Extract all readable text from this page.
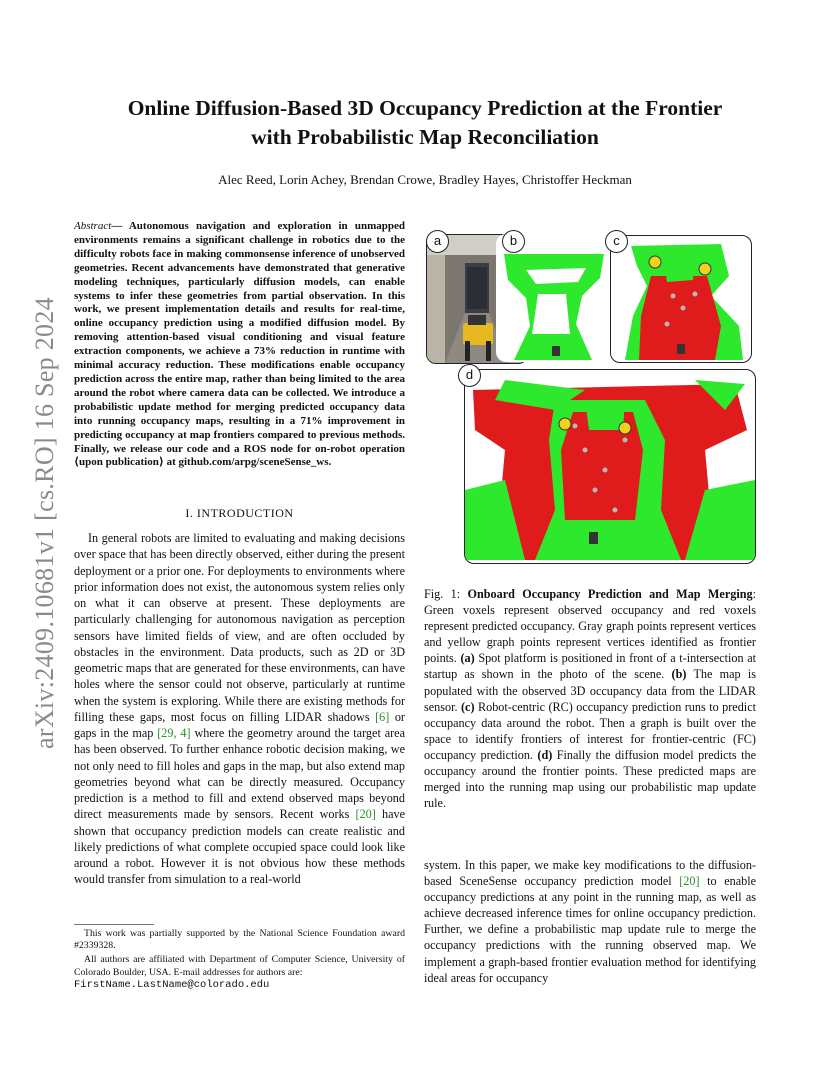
arXiv:2409.10681v1 [cs.RO] 16 Sep 2024
Online Diffusion-Based 3D Occupancy Prediction at the Frontier
with Probabilistic Map Reconciliation
Alec Reed, Lorin Achey, Brendan Crowe, Bradley Hayes, Christoffer Heckman
Abstract— Autonomous navigation and exploration in unmapped environments remains a significant challenge in robotics due to the difficulty robots face in making commonsense inference of unobserved geometries. Recent advancements have demonstrated that generative modeling techniques, particularly diffusion models, can enable systems to infer these geometries from partial observation. In this work, we present implementation details and results for real-time, online occupancy prediction using a modified diffusion model. By removing attention-based visual conditioning and visual feature extraction components, we achieve a 73% reduction in runtime with minimal accuracy reduction. These modifications enable occupancy prediction across the entire map, rather than being limited to the area around the robot where camera data can be collected. We introduce a probabilistic update method for merging predicted occupancy data into running occupancy maps, resulting in a 71% improvement in predicting occupancy at map frontiers compared to previous methods. Finally, we release our code and a ROS node for on-robot operation ⟨upon publication⟩ at github.com/arpg/sceneSense_ws.
I. INTRODUCTION

In general robots are limited to evaluating and making decisions over space that has been directly observed, either during the present deployment or a prior one. For deployments to environments where prior information does not exist, the autonomous system relies only on what it can observe at present. These deployments are particularly challenging for autonomous navigation as perception sensors have limited fields of view, and are often occluded by obstacles in the environment. Data products, such as 2D or 3D geometric maps that are generated for these environments, can have holes where the sensor could not observe, particularly at runtime when the system is exploring. While there are existing methods for filling these gaps, most focus on filling LIDAR shadows [6] or gaps in the map [29, 4] where the geometry around the target area has been observed. To further enhance robotic decision making, we not only need to fill holes and gaps in the map, but also extend map geometries beyond what can be directly measured. Occupancy prediction is a method to fill and extend observed maps beyond direct measurements made by sensors. Recent works [20] have shown that occupancy prediction models can create realistic and likely predictions of what complete occupied space could look like around a robot. However it is not obvious how these methods would transfer from simulation to a real-world

This work was partially supported by the National Science Foundation award #2339328.

All authors are affiliated with Department of Computer Science, University of Colorado Boulder, USA. E-mail addresses for authors are:
FirstName.LastName@colorado.edu

a	b	c
d
Fig. 1: Onboard Occupancy Prediction and Map Merging: Green voxels represent observed occupancy and red voxels represent predicted occupancy. Gray graph points represent vertices and yellow graph points represent vertices identified as frontier points. (a) Spot platform is positioned in front of a t-intersection at startup as shown in the photo of the scene. (b) The map is populated with the observed 3D occupancy data from the LIDAR sensor. (c) Robot-centric (RC) occupancy prediction runs to predict occupancy data around the robot. Then a graph is built over the space to identify frontiers of interest for frontier-centric (FC) occupancy prediction. (d) Finally the diffusion model predicts the occupancy around the frontier points. These predicted maps are merged into the running map using our probabilistic map update rule.
system. In this paper, we make key modifications to the diffusion-based SceneSense occupancy prediction model [20] to enable occupancy predictions at any point in the running map, as well as achieve decreased inference times for online occupancy prediction. Further, we define a probabilistic map update rule to merge the occupancy predictions with the running observed map. We implement a graph-based frontier evaluation method for identifying ideal areas for occupancy
